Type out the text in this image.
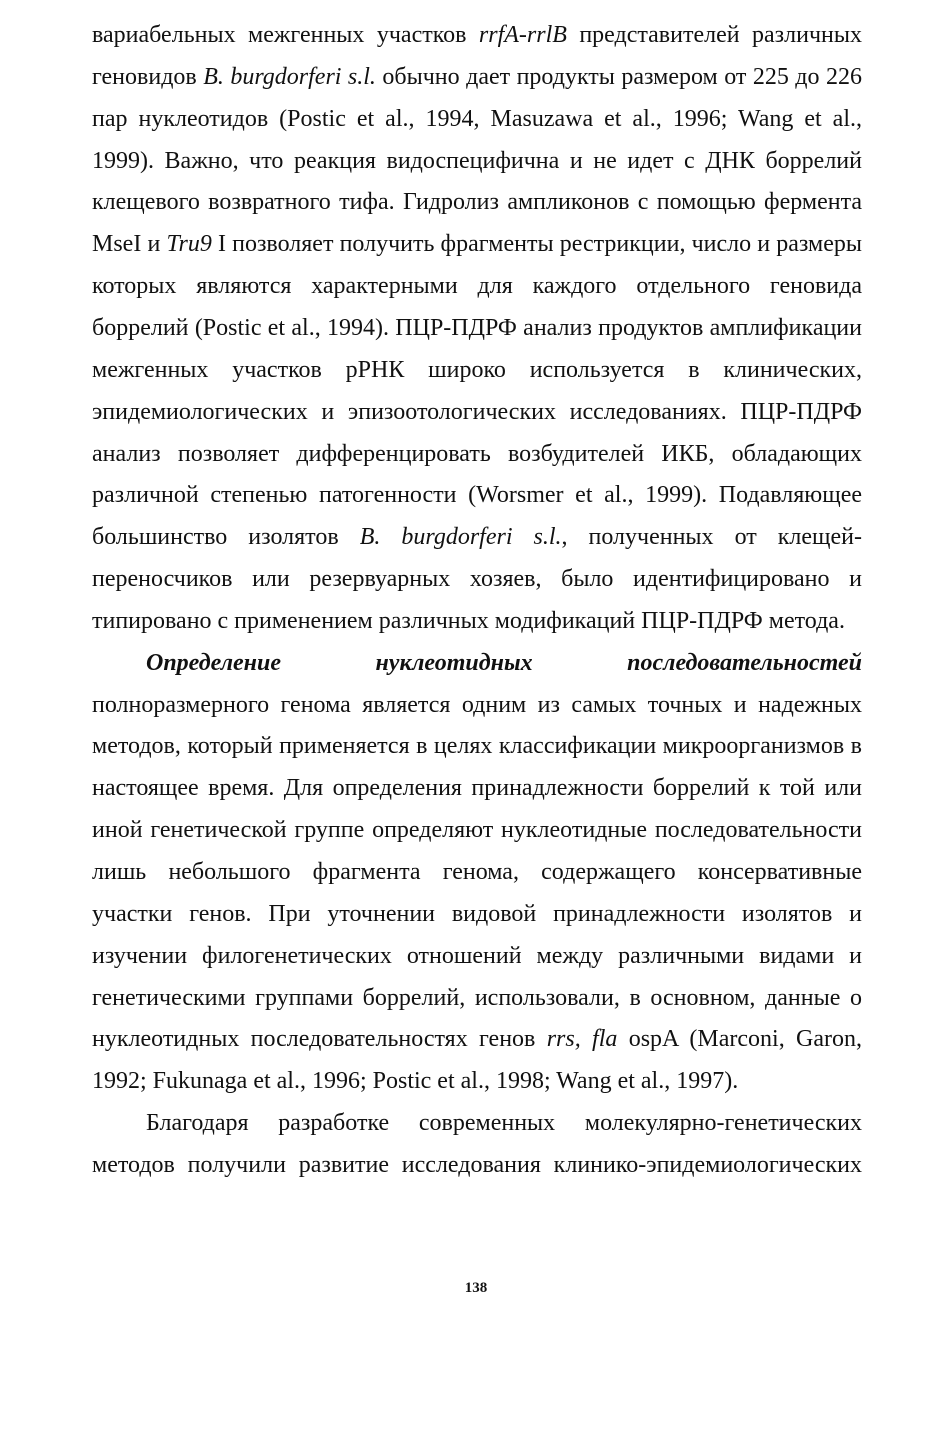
вариабельных межгенных участков rrfA-rrlB представителей различных
геновидов B. burgdorferi s.l. обычно дает продукты размером от 225 до 226
пар нуклеотидов (Postic et al., 1994, Masuzawa et al., 1996; Wang et al.,
1999). Важно, что реакция видоспецифична и не идет с ДНК боррелий
клещевого возвратного тифа. Гидролиз ампликонов с помощью фермента
MseI и Tru9 I позволяет получить фрагменты рестрикции, число и размеры
которых являются характерными для каждого отдельного геновида
боррелий (Postic et al., 1994). ПЦР-ПДРФ анализ продуктов амплификации
межгенных участков рРНК широко используется в клинических,
эпидемиологических и эпизоотологических исследованиях. ПЦР-ПДРФ
анализ позволяет дифференцировать возбудителей ИКБ, обладающих
различной степенью патогенности (Worsmer et al., 1999). Подавляющее
большинство изолятов B. burgdorferi s.l., полученных от клещей-
переносчиков или резервуарных хозяев, было идентифицировано и
типировано с применением различных модификаций ПЦР-ПДРФ метода.
Определение нуклеотидных последовательностей
полноразмерного генома является одним из самых точных и надежных
методов, который применяется в целях классификации микроорганизмов в
настоящее время. Для определения принадлежности боррелий к той или
иной генетической группе определяют нуклеотидные последовательности
лишь небольшого фрагмента генома, содержащего консервативные
участки генов. При уточнении видовой принадлежности изолятов и
изучении филогенетических отношений между различными видами и
генетическими группами боррелий, использовали, в основном, данные о
нуклеотидных последовательностях генов rrs, fla ospA (Marconi, Garon,
1992; Fukunaga et al., 1996; Postic et al., 1998; Wang et al., 1997).
Благодаря разработке современных молекулярно-генетических
методов получили развитие исследования клинико-эпидемиологических
138
